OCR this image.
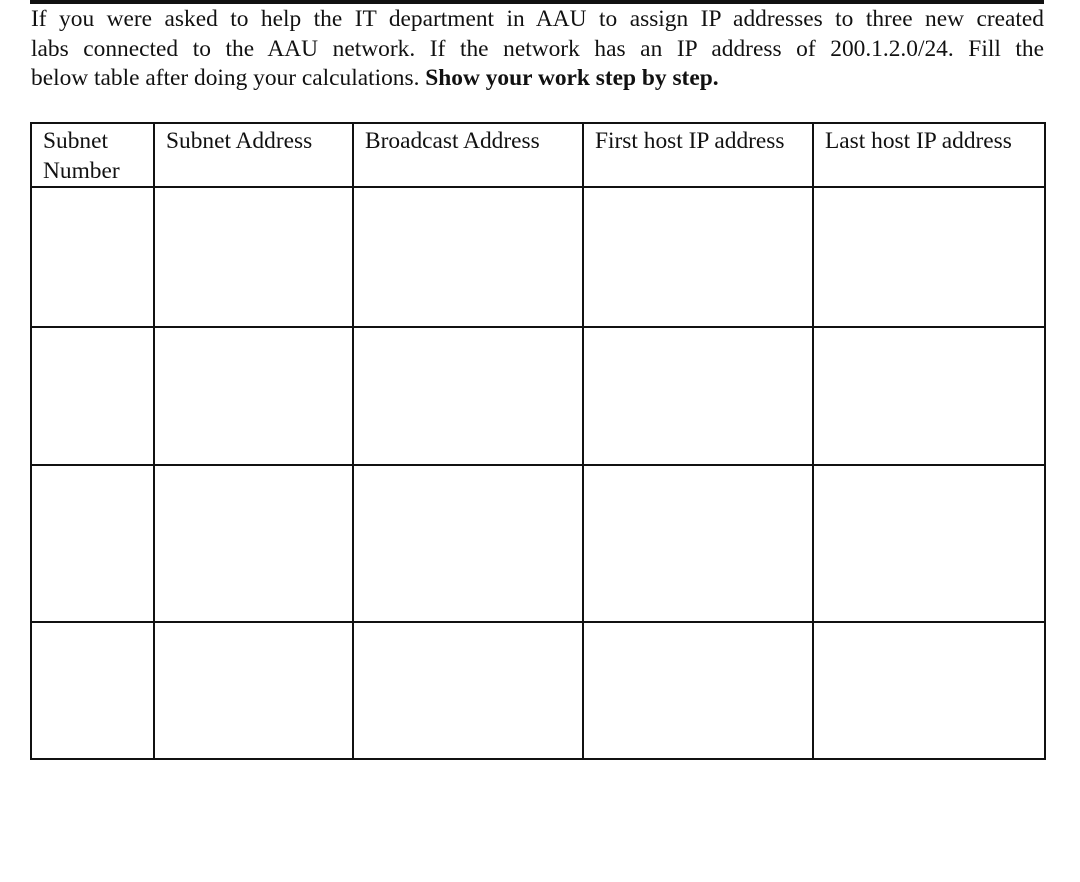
If you were asked to help the IT department in AAU to assign IP addresses to three new created
labs connected to the AAU network. If the network has an IP address of 200.1.2.0/24. Fill the
below table after doing your calculations. Show your work step by step.

Subnet
Number	Subnet Address	Broadcast Address	First host IP address	Last host IP address
